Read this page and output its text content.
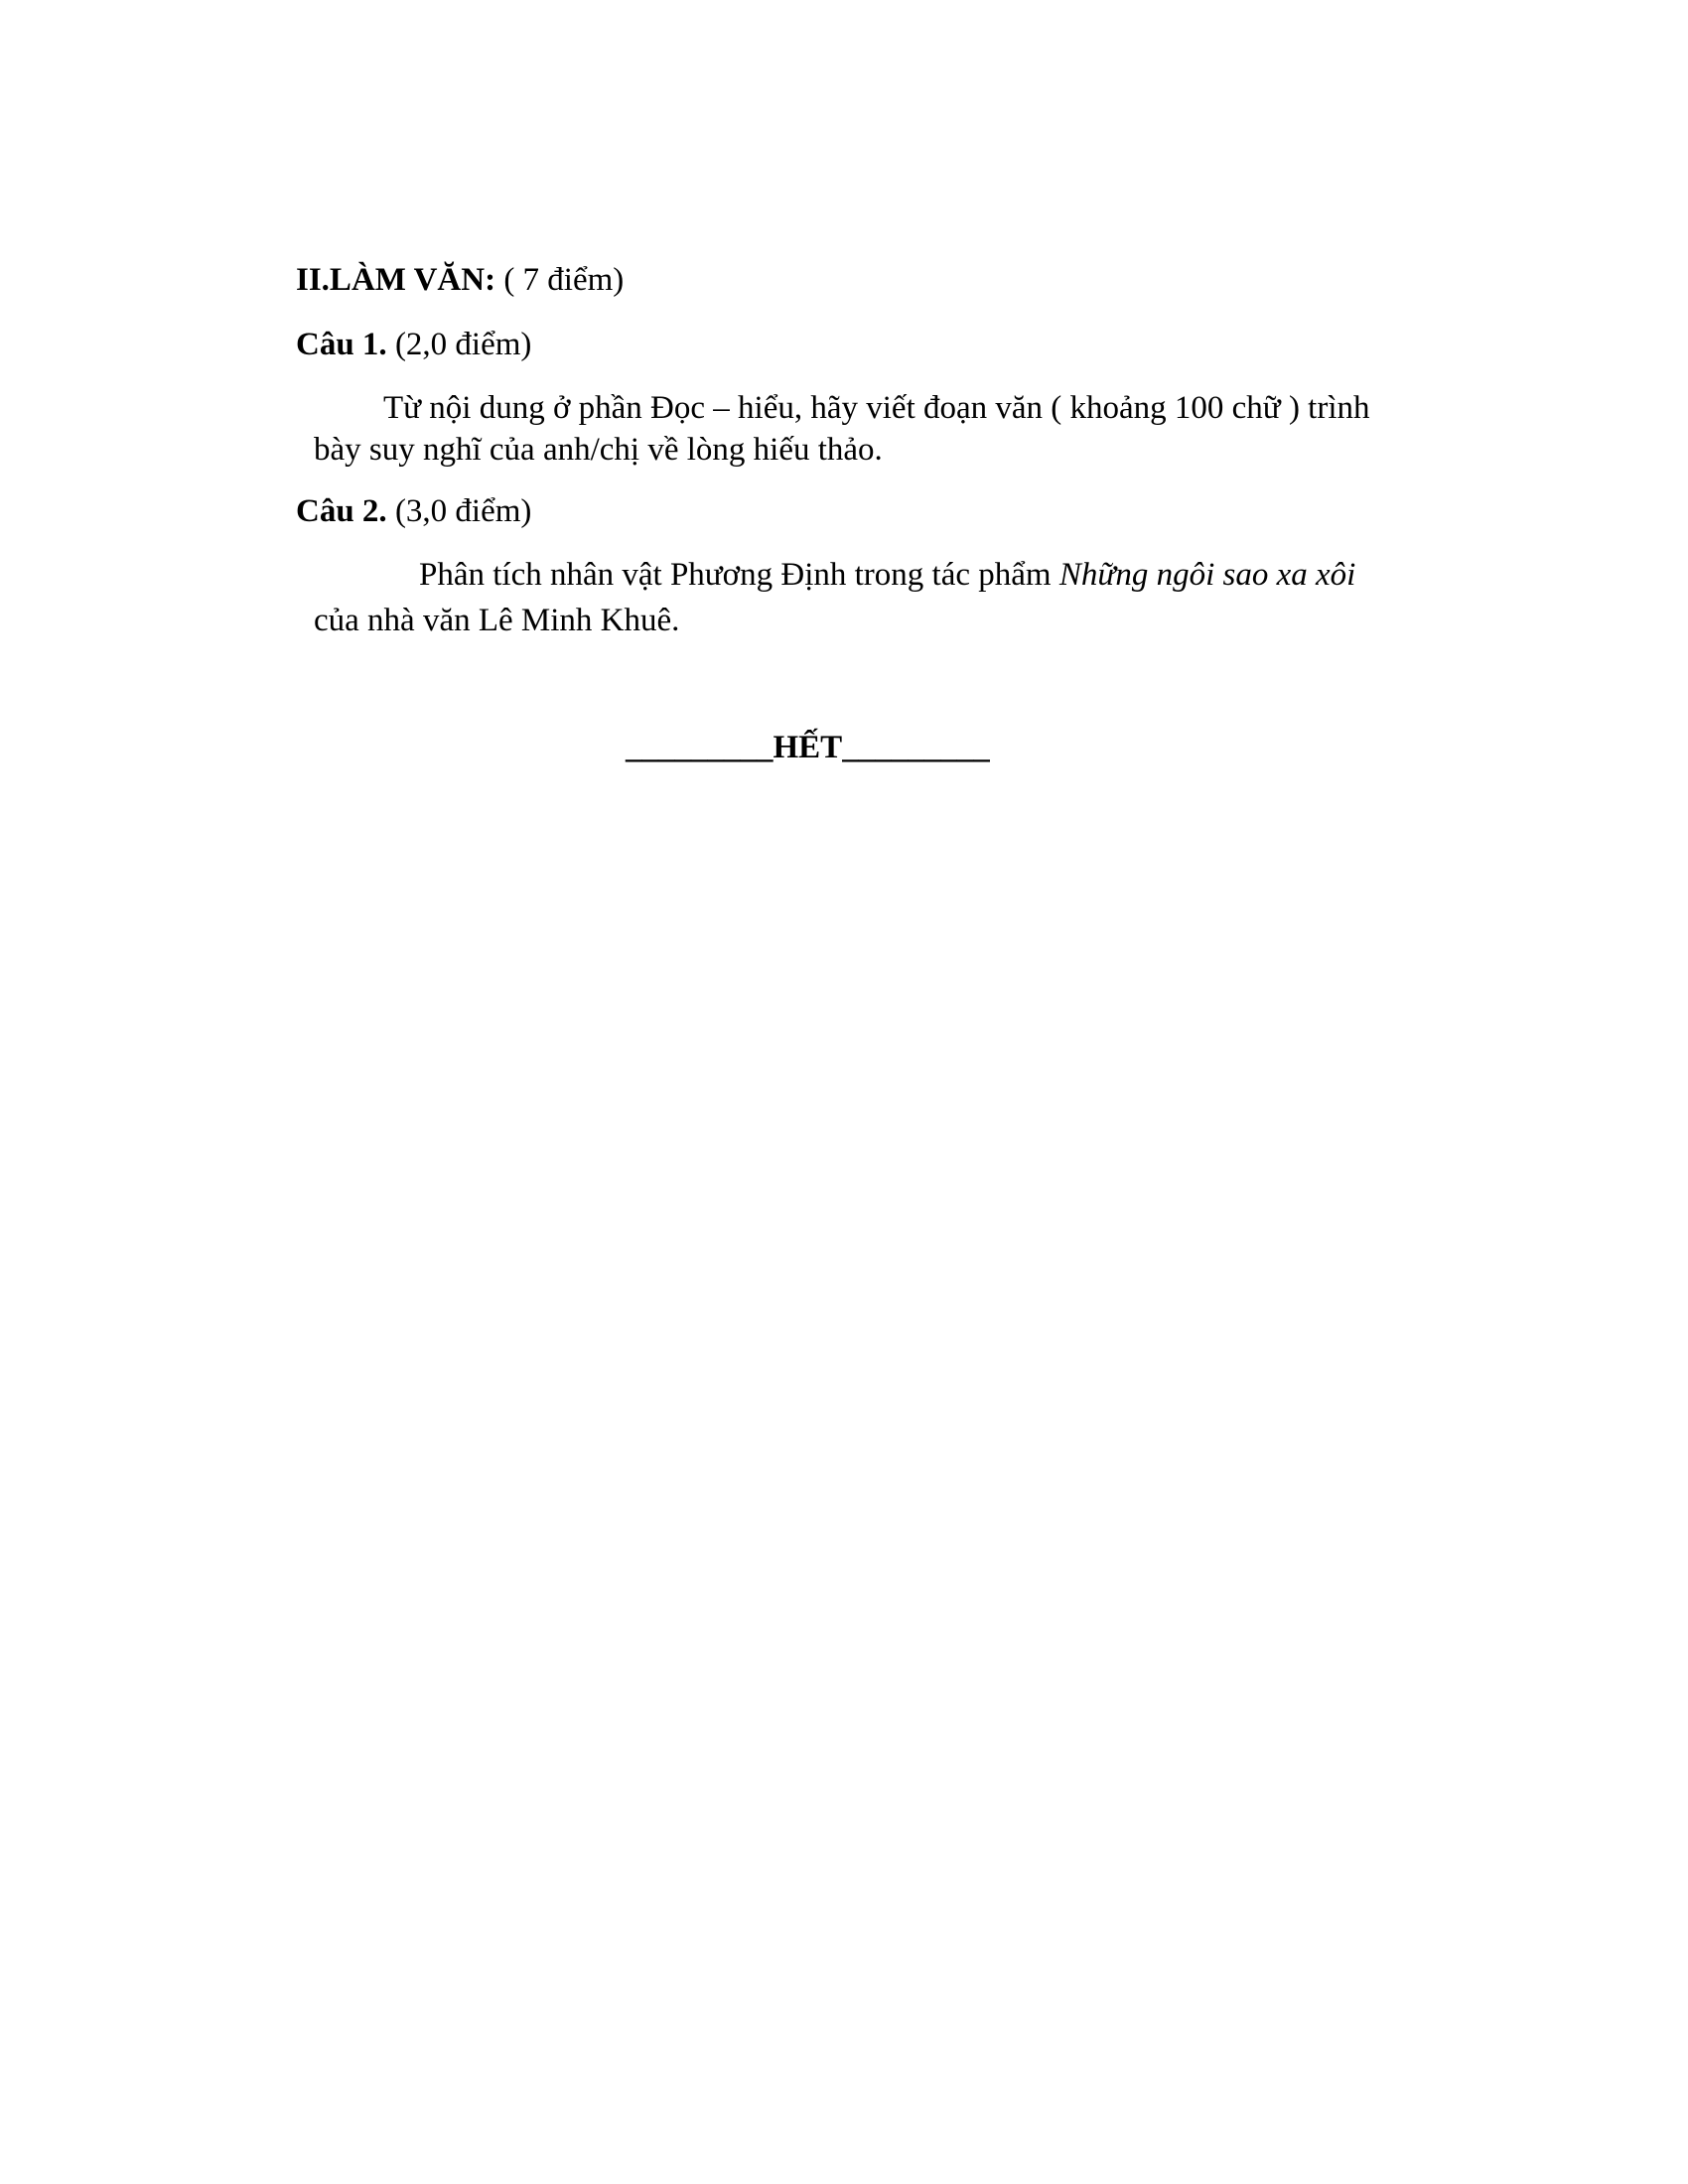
II.LÀM VĂN: ( 7 điểm)
Câu 1. (2,0 điểm)
Từ nội dung ở phần Đọc – hiểu, hãy viết đoạn văn ( khoảng 100 chữ ) trình
bày suy nghĩ của anh/chị về lòng hiếu thảo.
Câu 2. (3,0 điểm)
Phân tích nhân vật Phương Định trong tác phẩm Những ngôi sao xa xôi
của nhà văn Lê Minh Khuê.
_________HẾT_________
